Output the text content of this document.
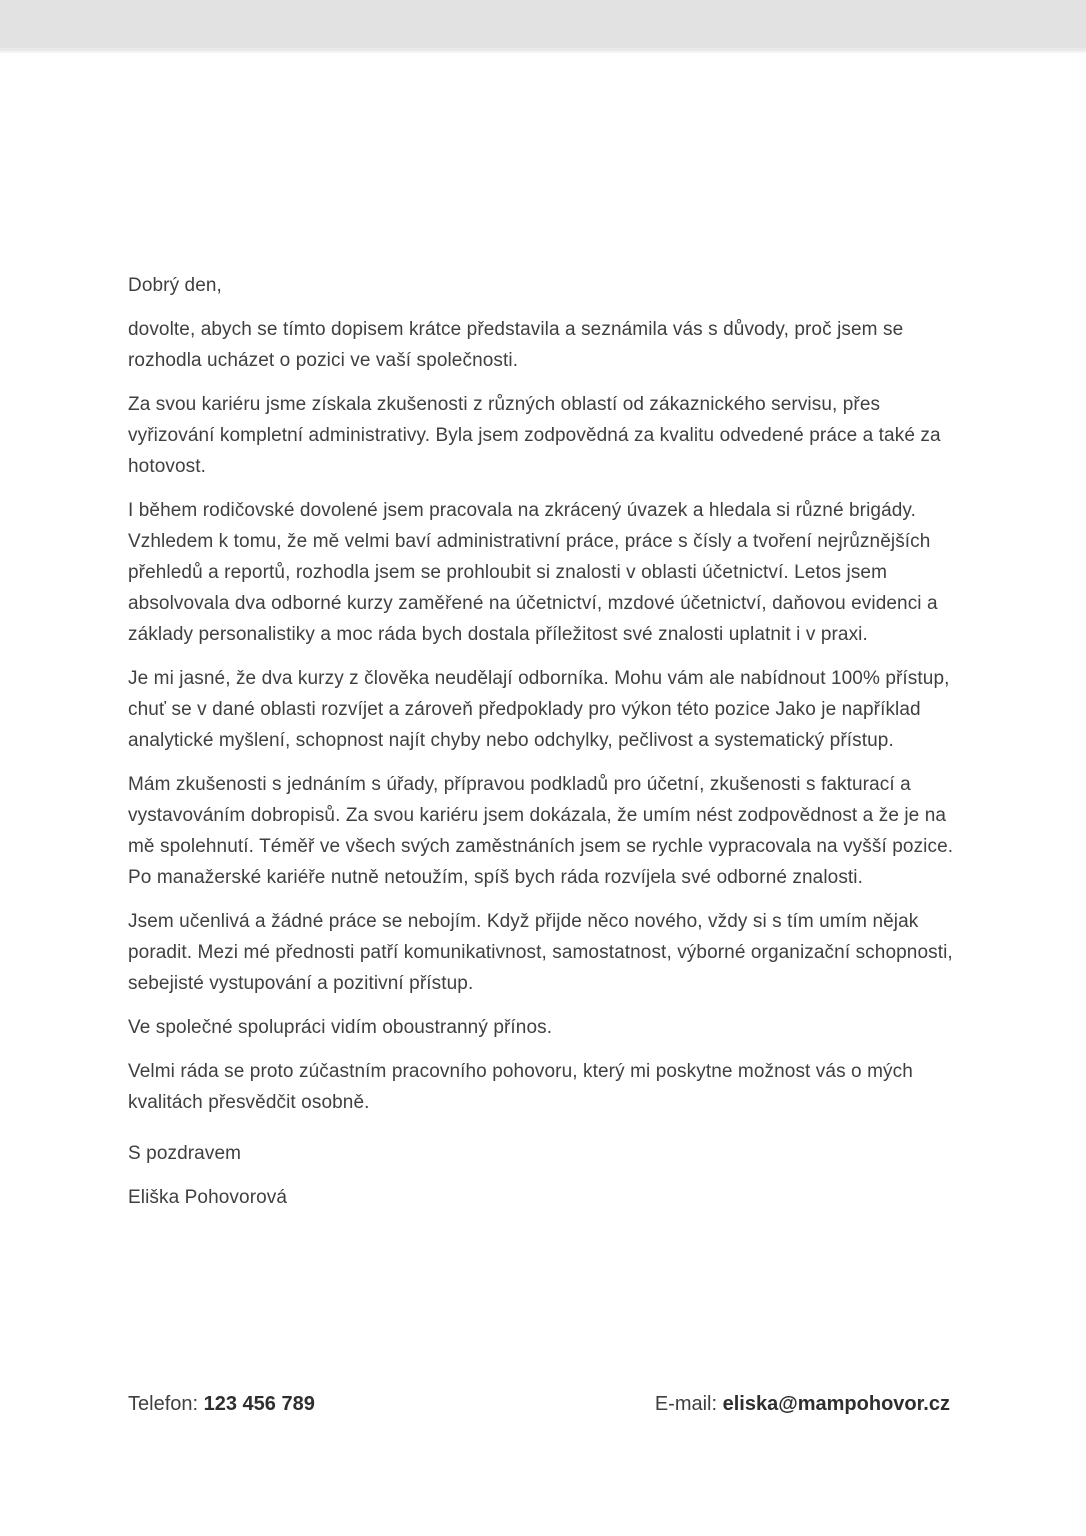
Dobrý den,

dovolte, abych se tímto dopisem krátce představila a seznámila vás s důvody, proč jsem se rozhodla ucházet o pozici ve vaší společnosti.

Za svou kariéru jsme získala zkušenosti z různých oblastí od zákaznického servisu, přes vyřizování kompletní administrativy. Byla jsem zodpovědná za kvalitu odvedené práce a také za hotovost.

I během rodičovské dovolené jsem pracovala na zkrácený úvazek a hledala si různé brigády. Vzhledem k tomu, že mě velmi baví administrativní práce, práce s čísly a tvoření nejrůznějších přehledů a reportů, rozhodla jsem se prohloubit si znalosti v oblasti účetnictví. Letos jsem absolvovala dva odborné kurzy zaměřené na účetnictví, mzdové účetnictví, daňovou evidenci a základy personalistiky a moc ráda bych dostala příležitost své znalosti uplatnit i v praxi.

Je mi jasné, že dva kurzy z člověka neudělají odborníka. Mohu vám ale nabídnout 100% přístup, chuť se v dané oblasti rozvíjet a zároveň předpoklady pro výkon této pozice Jako je například analytické myšlení, schopnost najít chyby nebo odchylky, pečlivost a systematický přístup.

Mám zkušenosti s jednáním s úřady, přípravou podkladů pro účetní, zkušenosti s fakturací a vystavováním dobropisů. Za svou kariéru jsem dokázala, že umím nést zodpovědnost a že je na mě spolehnutí. Téměř ve všech svých zaměstnáních jsem se rychle vypracovala na vyšší pozice. Po manažerské kariéře nutně netoužím, spíš bych ráda rozvíjela své odborné znalosti.

Jsem učenlivá a žádné práce se nebojím. Když přijde něco nového, vždy si s tím umím nějak poradit. Mezi mé přednosti patří komunikativnost, samostatnost, výborné organizační schopnosti, sebejisté vystupování a pozitivní přístup.

Ve společné spolupráci vidím oboustranný přínos.

Velmi ráda se proto zúčastním pracovního pohovoru, který mi poskytne možnost vás o mých kvalitách přesvědčit osobně.

S pozdravem

Eliška Pohovorová

Telefon: 123 456 789	E-mail: eliska@mampohovor.cz
